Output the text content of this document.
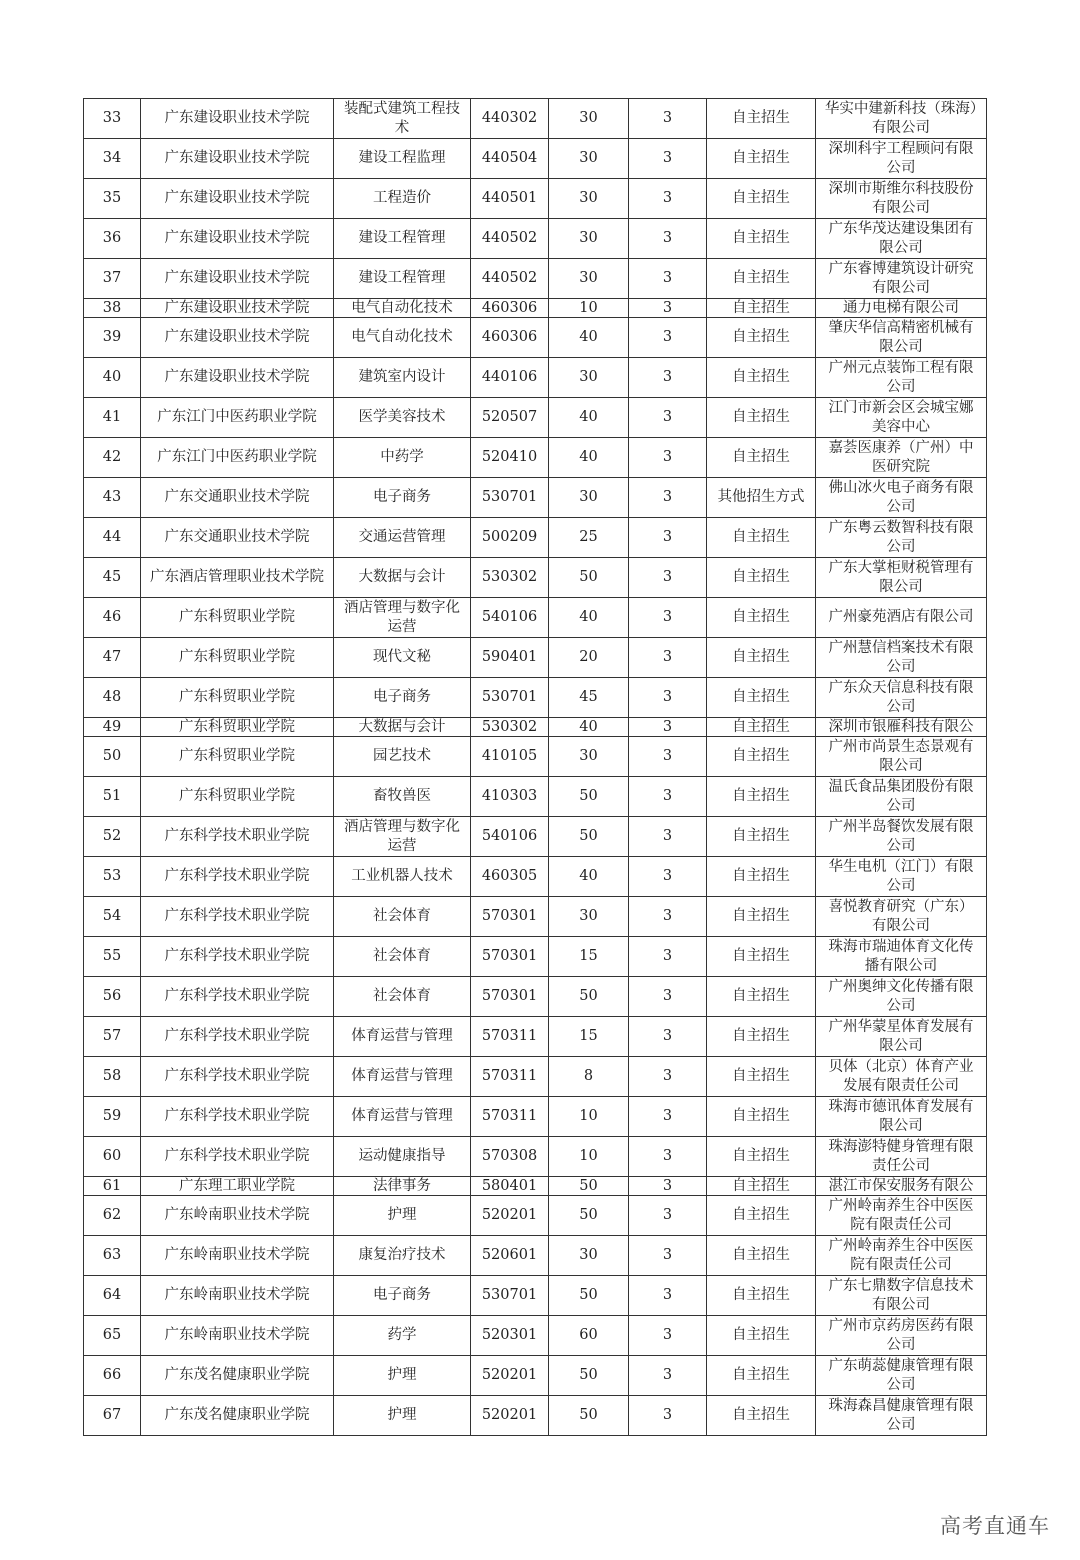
33	广东建设职业技术学院	装配式建筑工程技术	440302	30	3	自主招生	华实中建新科技（珠海）有限公司
34	广东建设职业技术学院	建设工程监理	440504	30	3	自主招生	深圳科宇工程顾问有限公司
35	广东建设职业技术学院	工程造价	440501	30	3	自主招生	深圳市斯维尔科技股份有限公司
36	广东建设职业技术学院	建设工程管理	440502	30	3	自主招生	广东华茂达建设集团有限公司
37	广东建设职业技术学院	建设工程管理	440502	30	3	自主招生	广东睿博建筑设计研究有限公司
38	广东建设职业技术学院	电气自动化技术	460306	10	3	自主招生	通力电梯有限公司
39	广东建设职业技术学院	电气自动化技术	460306	40	3	自主招生	肇庆华信高精密机械有限公司
40	广东建设职业技术学院	建筑室内设计	440106	30	3	自主招生	广州元点装饰工程有限公司
41	广东江门中医药职业学院	医学美容技术	520507	40	3	自主招生	江门市新会区会城宝娜美容中心
42	广东江门中医药职业学院	中药学	520410	40	3	自主招生	嘉荟医康养（广州）中医研究院
43	广东交通职业技术学院	电子商务	530701	30	3	其他招生方式	佛山冰火电子商务有限公司
44	广东交通职业技术学院	交通运营管理	500209	25	3	自主招生	广东粤云数智科技有限公司
45	广东酒店管理职业技术学院	大数据与会计	530302	50	3	自主招生	广东大掌柜财税管理有限公司
46	广东科贸职业学院	酒店管理与数字化运营	540106	40	3	自主招生	广州豪苑酒店有限公司
47	广东科贸职业学院	现代文秘	590401	20	3	自主招生	广州慧信档案技术有限公司
48	广东科贸职业学院	电子商务	530701	45	3	自主招生	广东众天信息科技有限公司
49	广东科贸职业学院	大数据与会计	530302	40	3	自主招生	深圳市银雁科技有限公
50	广东科贸职业学院	园艺技术	410105	30	3	自主招生	广州市尚景生态景观有限公司
51	广东科贸职业学院	畜牧兽医	410303	50	3	自主招生	温氏食品集团股份有限公司
52	广东科学技术职业学院	酒店管理与数字化运营	540106	50	3	自主招生	广州半岛餐饮发展有限公司
53	广东科学技术职业学院	工业机器人技术	460305	40	3	自主招生	华生电机（江门）有限公司
54	广东科学技术职业学院	社会体育	570301	30	3	自主招生	喜悦教育研究（广东）有限公司
55	广东科学技术职业学院	社会体育	570301	15	3	自主招生	珠海市瑞迪体育文化传播有限公司
56	广东科学技术职业学院	社会体育	570301	50	3	自主招生	广州奥绅文化传播有限公司
57	广东科学技术职业学院	体育运营与管理	570311	15	3	自主招生	广州华蒙星体育发展有限公司
58	广东科学技术职业学院	体育运营与管理	570311	8	3	自主招生	贝体（北京）体育产业发展有限责任公司
59	广东科学技术职业学院	体育运营与管理	570311	10	3	自主招生	珠海市德讯体育发展有限公司
60	广东科学技术职业学院	运动健康指导	570308	10	3	自主招生	珠海澎特健身管理有限责任公司
61	广东理工职业学院	法律事务	580401	50	3	自主招生	湛江市保安服务有限公
62	广东岭南职业技术学院	护理	520201	50	3	自主招生	广州岭南养生谷中医医院有限责任公司
63	广东岭南职业技术学院	康复治疗技术	520601	30	3	自主招生	广州岭南养生谷中医医院有限责任公司
64	广东岭南职业技术学院	电子商务	530701	50	3	自主招生	广东七鼎数字信息技术有限公司
65	广东岭南职业技术学院	药学	520301	60	3	自主招生	广州市京药房医药有限公司
66	广东茂名健康职业学院	护理	520201	50	3	自主招生	广东萌蕊健康管理有限公司
67	广东茂名健康职业学院	护理	520201	50	3	自主招生	珠海森昌健康管理有限公司
高考直通车
